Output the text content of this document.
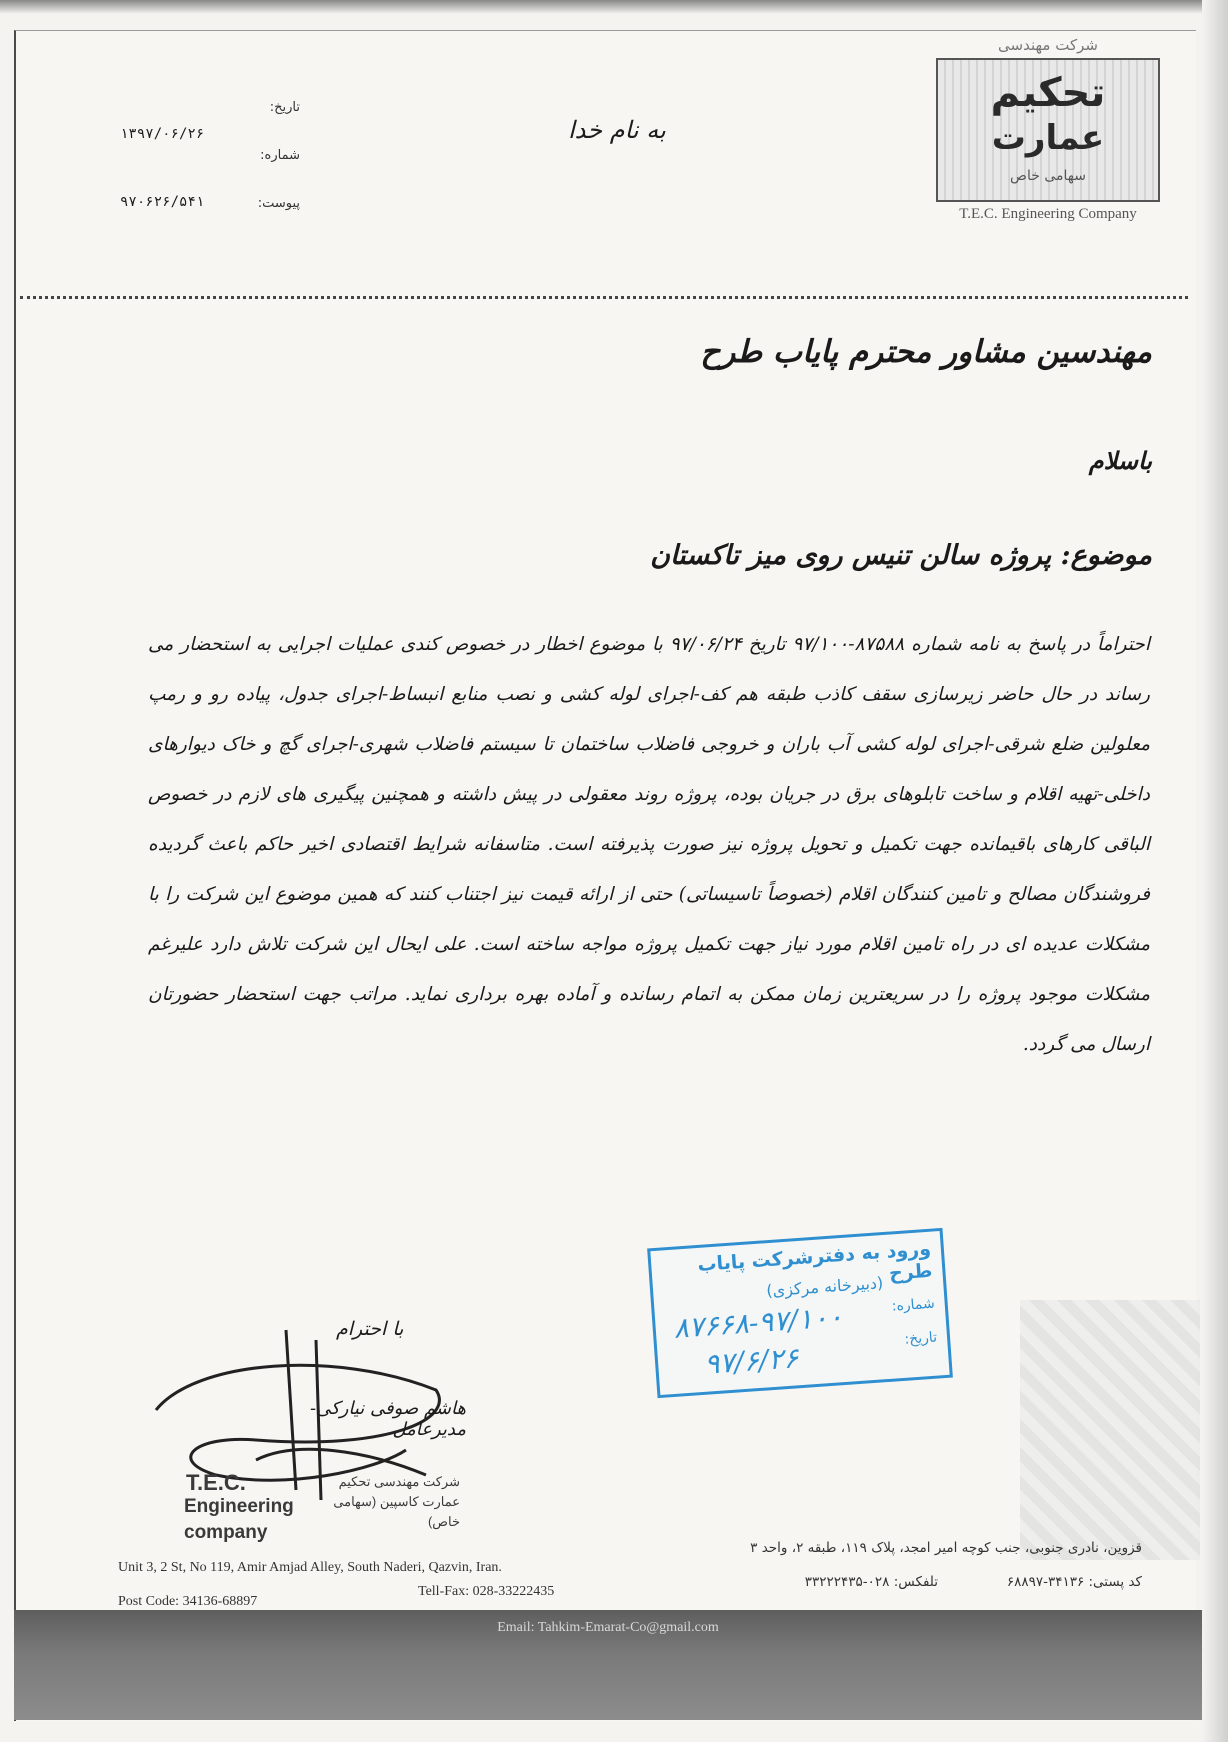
شرکت مهندسی
تحکیم
عمارت
سهامی خاص
T.E.C. Engineering Company
به نام خدا
تاریخ:
۱۳۹۷/۰۶/۲۶
شماره:
پیوست:
۹۷۰۶۲۶/۵۴۱
مهندسین مشاور محترم پایاب طرح
باسلام
موضوع: پروژه سالن تنیس روی میز تاکستان
احتراماً در پاسخ به نامه شماره ۸۷۵۸۸-۹۷/۱۰۰ تاریخ ۹۷/۰۶/۲۴ با موضوع اخطار در خصوص کندی عملیات اجرایی به استحضار می رساند در حال حاضر زیرسازی سقف کاذب طبقه هم کف-اجرای لوله کشی و نصب منابع انبساط-اجرای جدول، پیاده رو و رمپ معلولین ضلع شرقی-اجرای لوله کشی آب باران و خروجی فاضلاب ساختمان تا سیستم فاضلاب شهری-اجرای گچ و خاک دیوارهای داخلی-تهیه اقلام و ساخت تابلوهای برق در جریان بوده، پروژه روند معقولی در پیش داشته و همچنین پیگیری های لازم در خصوص الباقی کارهای باقیمانده جهت تکمیل و تحویل پروژه نیز صورت پذیرفته است. متاسفانه شرایط اقتصادی اخیر حاکم باعث گردیده فروشندگان مصالح و تامین کنندگان اقلام (خصوصاً تاسیساتی) حتی از ارائه قیمت نیز اجتناب کنند که همین موضوع این شرکت را با مشکلات عدیده ای در راه تامین اقلام مورد نیاز جهت تکمیل پروژه مواجه ساخته است. علی ایحال این شرکت تلاش دارد علیرغم مشکلات موجود پروژه را در سریعترین زمان ممکن به اتمام رسانده و آماده بهره برداری نماید. مراتب جهت استحضار حضورتان ارسال می گردد.
با احترام
هاشم صوفی نیارکی-مدیرعامل
T.E.C.
Engineering
company
شرکت مهندسی تحکیم عمارت کاسپین (سهامی خاص)
ورود به دفترشرکت پایاب طرح
(دبیرخانه مرکزی)
شماره:
تاریخ:
۸۷۶۶۸-۹۷/۱۰۰
۹۷/۶/۲۶
Unit 3, 2 St, No 119, Amir Amjad Alley, South Naderi, Qazvin, Iran.
Post Code: 34136-68897
Tell-Fax: 028-33222435
قزوین، نادری جنوبی، جنب کوچه امیر امجد، پلاک ۱۱۹، طبقه ۲، واحد ۳
کد پستی: ۳۴۱۳۶-۶۸۸۹۷
تلفکس: ۰۲۸-۳۳۲۲۲۴۳۵
Email: Tahkim-Emarat-Co@gmail.com
